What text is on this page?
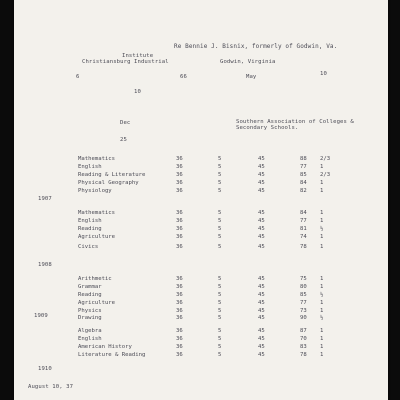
Re Bennie J. Bisnix, formerly of Godwin, Va.
Institute
Christiansburg Industrial	Godwin, Virginia
6	66	May	10
10
Dec	Southern Association of Colleges &
Secondary Schools.
25
Mathematics	36	5	45	88 2/3
English	36	5	45	77 1
Reading & Literature	36	5	45	85 2/3
Physical Geography	36	5	45	84 1
Physiology	36	5	45	82 1
1907
Mathematics	36	5	45	84 1
English	36	5	45	77 1
Reading	36	5	45	81 ½
Agriculture	36	5	45	74 1
Civics	36	5	45	78 1
1908
Arithmetic	36	5	45	75 1
Grammar	36	5	45	80 1
Reading	36	5	45	85 ½
Agriculture	36	5	45	77 1
Physics	36	5	45	73 1
Drawing	36	5	45	90 ½
1909
Algebra	36	5	45	87 1
English	36	5	45	70 1
American History	36	5	45	83 1
Literature & Reading	36	5	45	78 1
1910
August 10, 37
